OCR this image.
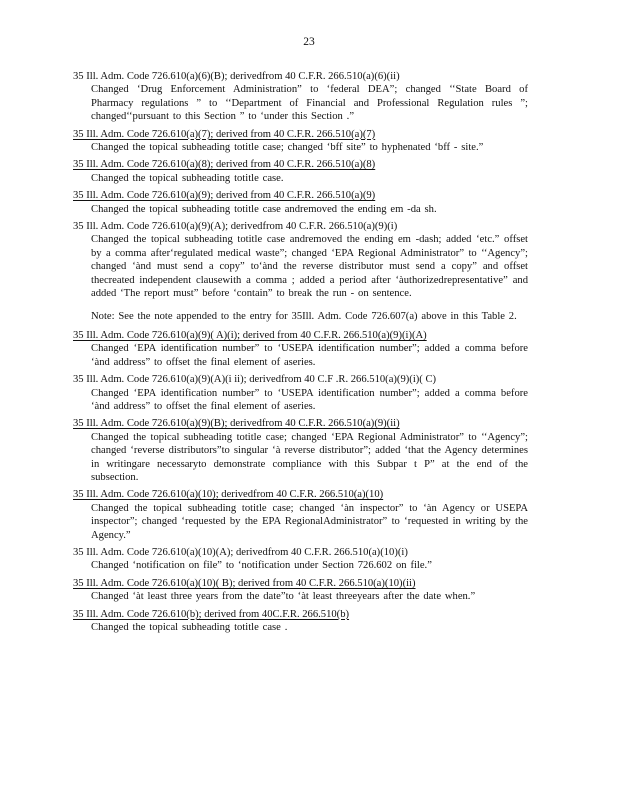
23
35 Ill. Adm. Code 726.610(a)(6)(B); derivedfrom 40 C.F.R. 266.510(a)(6)(ii)
Changed ‘Drug Enforcement Administration” to ‘federal DEA”; changed ‘‘State Board of Pharmacy regulations ” to ‘‘Department of Financial and Professional Regulation rules ”; changed‘‘pursuant to this Section ” to ‘under this Section .”
35 Ill. Adm. Code 726.610(a)(7); derived from 40 C.F.R. 266.510(a)(7)
Changed the topical subheading totitle case; changed ‘bff site” to hyphenated ‘bff - site.”
35 Ill. Adm. Code 726.610(a)(8); derived from 40 C.F.R. 266.510(a)(8)
Changed the topical subheading totitle case.
35 Ill. Adm. Code 726.610(a)(9); derived from 40 C.F.R. 266.510(a)(9)
Changed the topical subheading totitle case andremoved the ending em -da sh.
35 Ill. Adm. Code 726.610(a)(9)(A); derivedfrom 40 C.F.R. 266.510(a)(9)(i)
Changed the topical subheading totitle case andremoved the ending em -dash; added ‘etc.” offset by a comma after‘regulated medical waste”; changed ‘EPA Regional Administrator” to ‘‘Agency”; changed ‘ànd must send a copy” to‘ànd the reverse distributor must send a copy” and offset thecreated independent clausewith a comma ; added a period after ‘àuthorizedrepresentative” and added ‘The report must” before ‘contain” to break the run - on sentence.
Note: See the note appended to the entry for 35Ill. Adm. Code 726.607(a) above in this Table 2.
35 Ill. Adm. Code 726.610(a)(9)( A)(i); derived from 40 C.F.R. 266.510(a)(9)(i)(A)
Changed ‘EPA identification number” to ‘USEPA identification number”; added a comma before ‘ànd address” to offset the final element of aseries.
35 Ill. Adm. Code 726.610(a)(9)(A)(i ii); derivedfrom 40 C.F .R. 266.510(a)(9)(i)( C)
Changed ‘EPA identification number” to ‘USEPA identification number”; added a comma before ‘ànd address” to offset the final element of aseries.
35 Ill. Adm. Code 726.610(a)(9)(B); derivedfrom 40 C.F.R. 266.510(a)(9)(ii)
Changed the topical subheading totitle case; changed ‘EPA Regional Administrator” to ‘‘Agency”; changed ‘reverse distributors”to singular ‘à reverse distributor”; added ‘that the Agency determines in writingare necessaryto demonstrate compliance with this Subpar t P” at the end of the subsection.
35 Ill. Adm. Code 726.610(a)(10); derivedfrom 40 C.F.R. 266.510(a)(10)
Changed the topical subheading totitle case; changed ‘àn inspector” to ‘àn Agency or USEPA inspector”; changed ‘requested by the EPA RegionalAdministrator” to ‘requested in writing by the Agency.”
35 Ill. Adm. Code 726.610(a)(10)(A); derivedfrom 40 C.F.R. 266.510(a)(10)(i)
Changed ‘notification on file” to ‘notification under Section 726.602 on file.”
35 Ill. Adm. Code 726.610(a)(10)( B); derived from 40 C.F.R. 266.510(a)(10)(ii)
Changed ‘àt least three years from the date”to ‘àt least threeyears after the date when.”
35 Ill. Adm. Code 726.610(b); derived from 40C.F.R. 266.510(b)
Changed the topical subheading totitle case .
